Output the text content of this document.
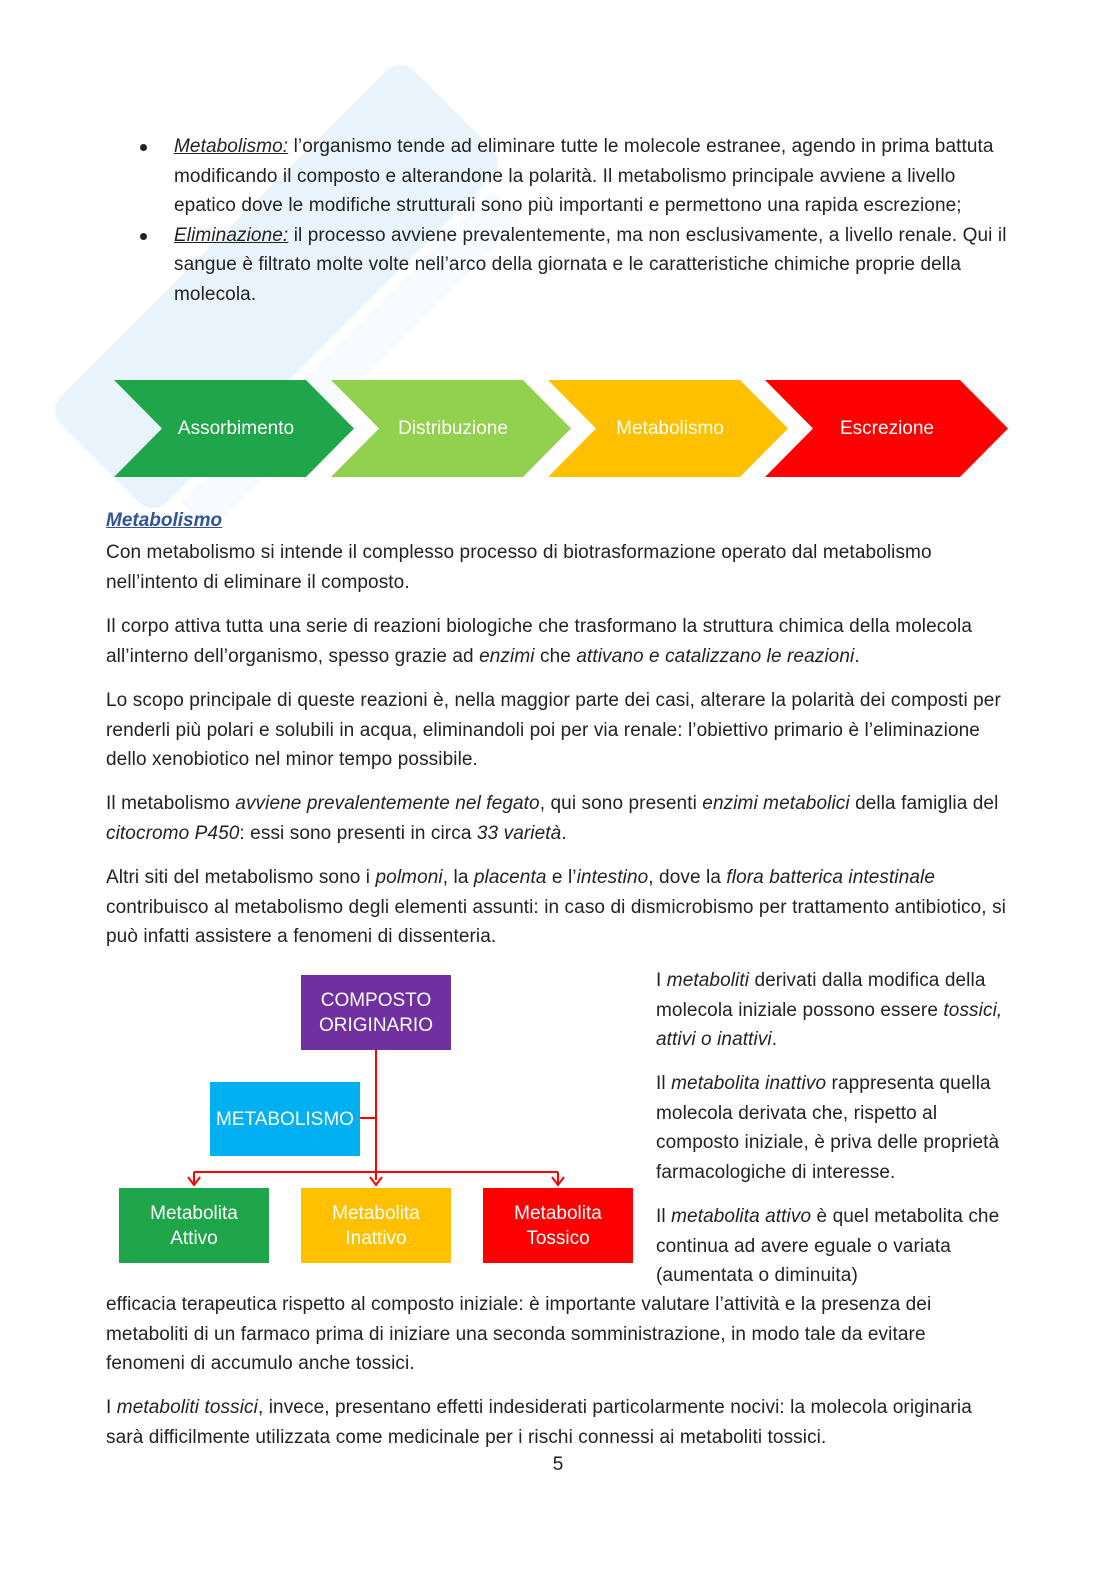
Metabolismo: l’organismo tende ad eliminare tutte le molecole estranee, agendo in prima battuta modificando il composto e alterandone la polarità. Il metabolismo principale avviene a livello epatico dove le modifiche strutturali sono più importanti e permettono una rapida escrezione;
Eliminazione: il processo avviene prevalentemente, ma non esclusivamente, a livello renale. Qui il sangue è filtrato molte volte nell’arco della giornata e le caratteristiche chimiche proprie della molecola.
Assorbimento	Distribuzione	Metabolismo	Escrezione
Metabolismo

Con metabolismo si intende il complesso processo di biotrasformazione operato dal metabolismo nell’intento di eliminare il composto.

Il corpo attiva tutta una serie di reazioni biologiche che trasformano la struttura chimica della molecola all’interno dell’organismo, spesso grazie ad enzimi che attivano e catalizzano le reazioni.

Lo scopo principale di queste reazioni è, nella maggior parte dei casi, alterare la polarità dei composti per renderli più polari e solubili in acqua, eliminandoli poi per via renale: l’obiettivo primario è l’eliminazione dello xenobiotico nel minor tempo possibile.

Il metabolismo avviene prevalentemente nel fegato, qui sono presenti enzimi metabolici della famiglia del citocromo P450: essi sono presenti in circa 33 varietà.

Altri siti del metabolismo sono i polmoni, la placenta e l’intestino, dove la flora batterica intestinale contribuisco al metabolismo degli elementi assunti: in caso di dismicrobismo per trattamento antibiotico, si può infatti assistere a fenomeni di dissenteria.

COMPOSTO
ORIGINARIO
METABOLISMO
Metabolita
Attivo
Metabolita
Inattivo
Metabolita
Tossico

I metaboliti derivati dalla modifica della molecola iniziale possono essere tossici, attivi o inattivi.

Il metabolita inattivo rappresenta quella molecola derivata che, rispetto al composto iniziale, è priva delle proprietà farmacologiche di interesse.

Il metabolita attivo è quel metabolita che continua ad avere eguale o variata (aumentata o diminuita)

efficacia terapeutica rispetto al composto iniziale: è importante valutare l’attività e la presenza dei metaboliti di un farmaco prima di iniziare una seconda somministrazione, in modo tale da evitare fenomeni di accumulo anche tossici.

I metaboliti tossici, invece, presentano effetti indesiderati particolarmente nocivi: la molecola originaria sarà difficilmente utilizzata come medicinale per i rischi connessi ai metaboliti tossici.

5
